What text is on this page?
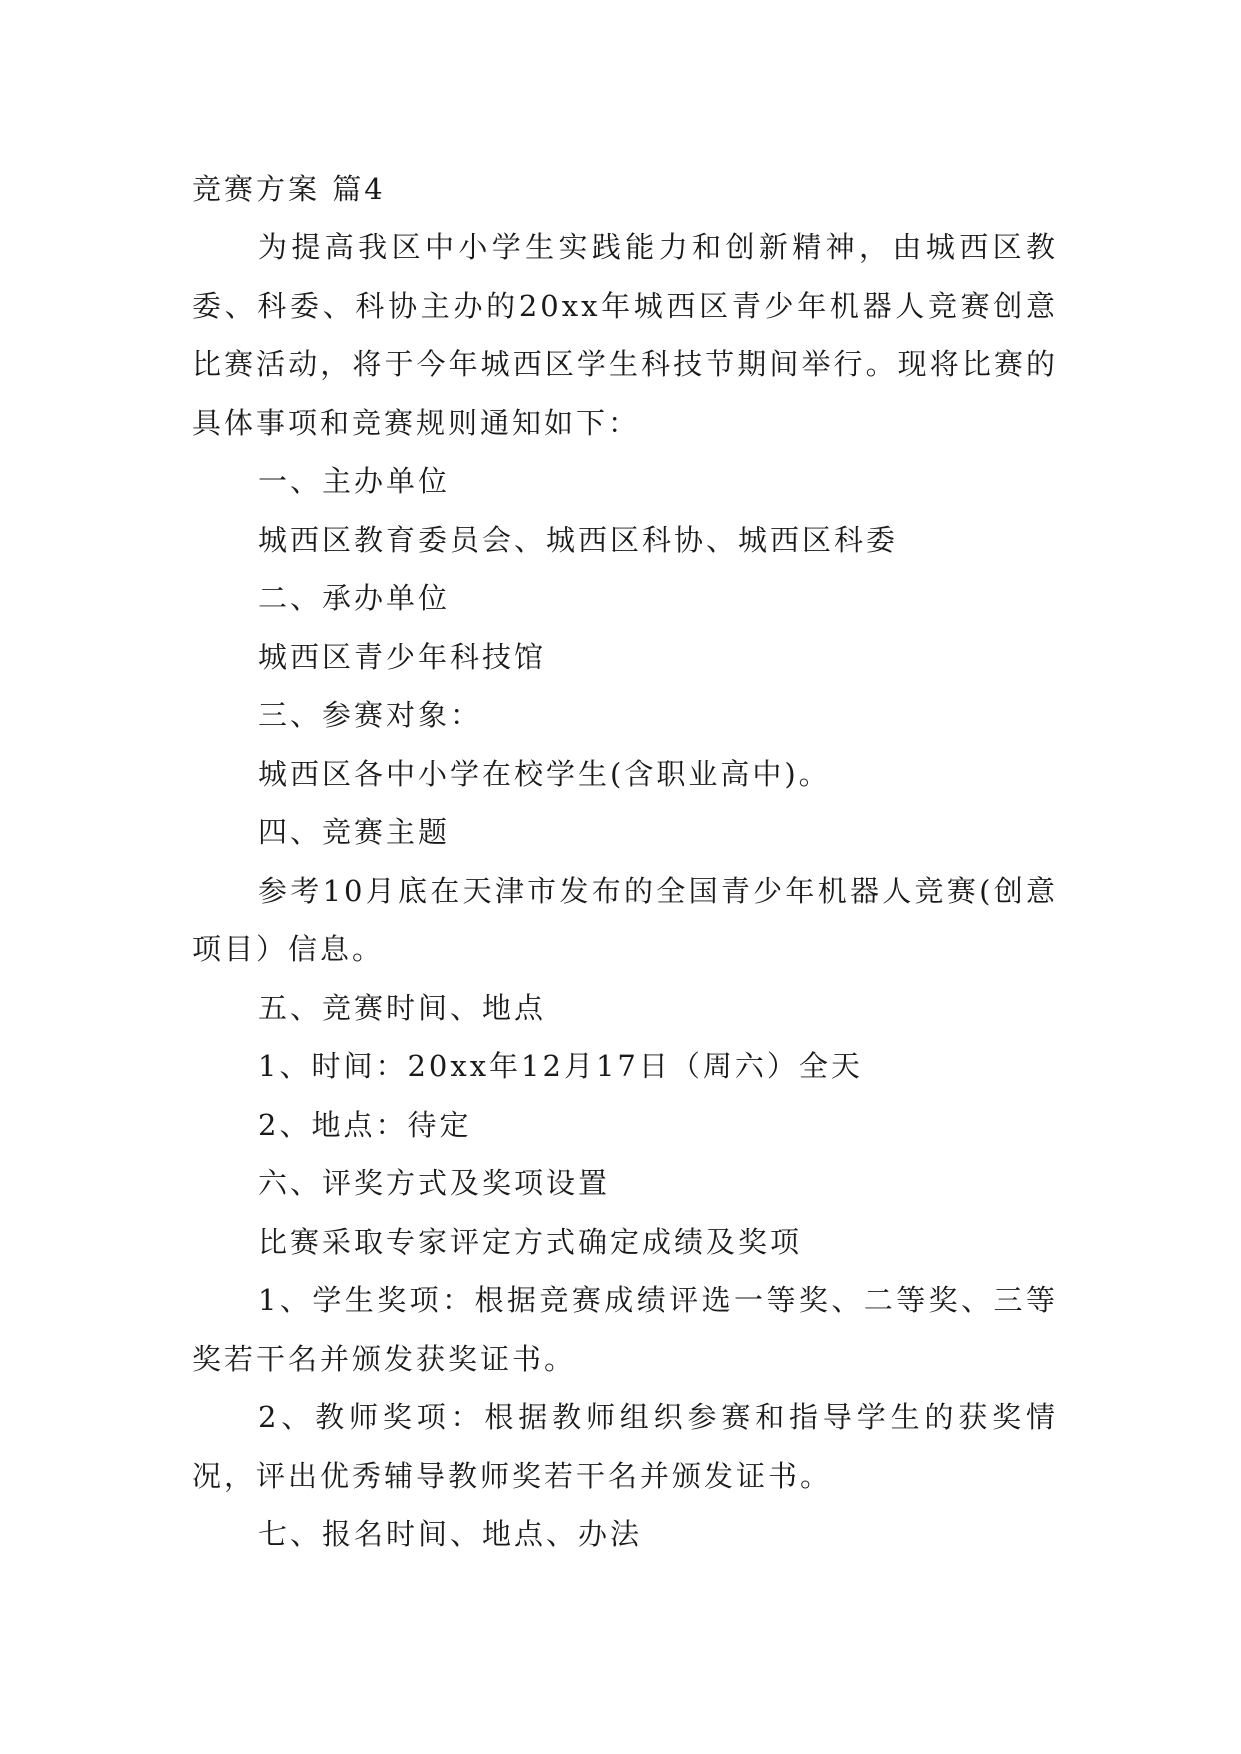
竞赛方案 篇4

为提高我区中小学生实践能力和创新精神，由城西区教委、科委、科协主办的20xx年城西区青少年机器人竞赛创意比赛活动，将于今年城西区学生科技节期间举行。现将比赛的具体事项和竞赛规则通知如下：

一、主办单位

城西区教育委员会、城西区科协、城西区科委

二、承办单位

城西区青少年科技馆

三、参赛对象：

城西区各中小学在校学生(含职业高中)。

四、竞赛主题

参考10月底在天津市发布的全国青少年机器人竞赛(创意项目）信息。

五、竞赛时间、地点

1、时间：20xx年12月17日（周六）全天

2、地点：待定

六、评奖方式及奖项设置

比赛采取专家评定方式确定成绩及奖项

1、学生奖项：根据竞赛成绩评选一等奖、二等奖、三等奖若干名并颁发获奖证书。

2、教师奖项：根据教师组织参赛和指导学生的获奖情况，评出优秀辅导教师奖若干名并颁发证书。

七、报名时间、地点、办法
